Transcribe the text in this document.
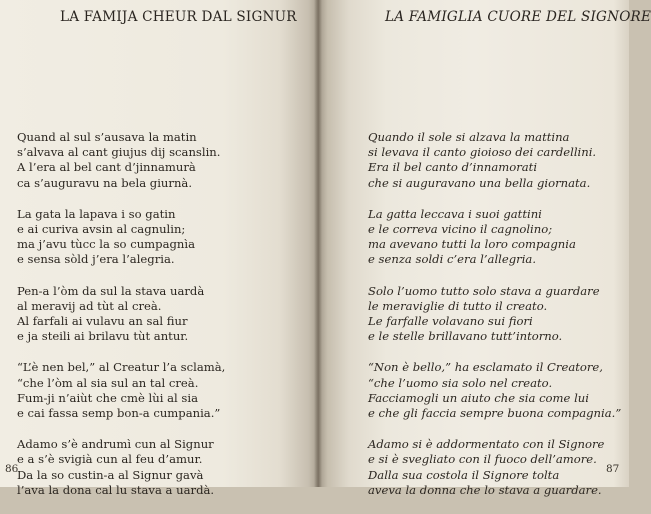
LA FAMIJA CHEUR DAL SIGNUR
Quand al sul s’ausava la matin
s’alvava al cant giujus dij scanslin.
A l’era al bel cant d’jinnamurà
ca s’auguravu na bela giurnà.
La gata la lapava i so gatin
e ai curiva avsin al cagnulin;
ma j’avu tùcc la so cumpagnìa
e sensa sòld j’era l’alegria.
Pen-a l’òm da sul la stava uardà
al meravij ad tùt al creà.
Al farfali ai vulavu an sal fiur
e ja steili ai brilavu tùt antur.
“L’è nen bel,” al Creatur l’a sclamà,
“che l’òm al sia sul an tal creà.
Fum-ji n’aiùt che cmè lùi al sia
e cai fassa semp bon-a cumpania.”
Adamo s’è andrumì cun al Signur
e a s’è svigià cun al feu d’amur.
Da la so custin-a al Signur gavà
l’ava la dona cal lu stava a uardà.
86
LA FAMIGLIA CUORE DEL SIGNORE
Quando il sole si alzava la mattina
si levava il canto gioioso dei cardellini.
Era il bel canto d’innamorati
che si auguravano una bella giornata.
La gatta leccava i suoi gattini
e le correva vicino il cagnolino;
ma avevano tutti la loro compagnia
e senza soldi c’era l’allegria.
Solo l’uomo tutto solo stava a guardare
le meraviglie di tutto il creato.
Le farfalle volavano sui fiori
e le stelle brillavano tutt’intorno.
“Non è bello,” ha esclamato il Creatore,
“che l’uomo sia solo nel creato.
Facciamogli un aiuto che sia come lui
e che gli faccia sempre buona compagnia.”
Adamo si è addormentato con il Signore
e si è svegliato con il fuoco dell’amore.
Dalla sua costola il Signore tolta
aveva la donna che lo stava a guardare.
87
